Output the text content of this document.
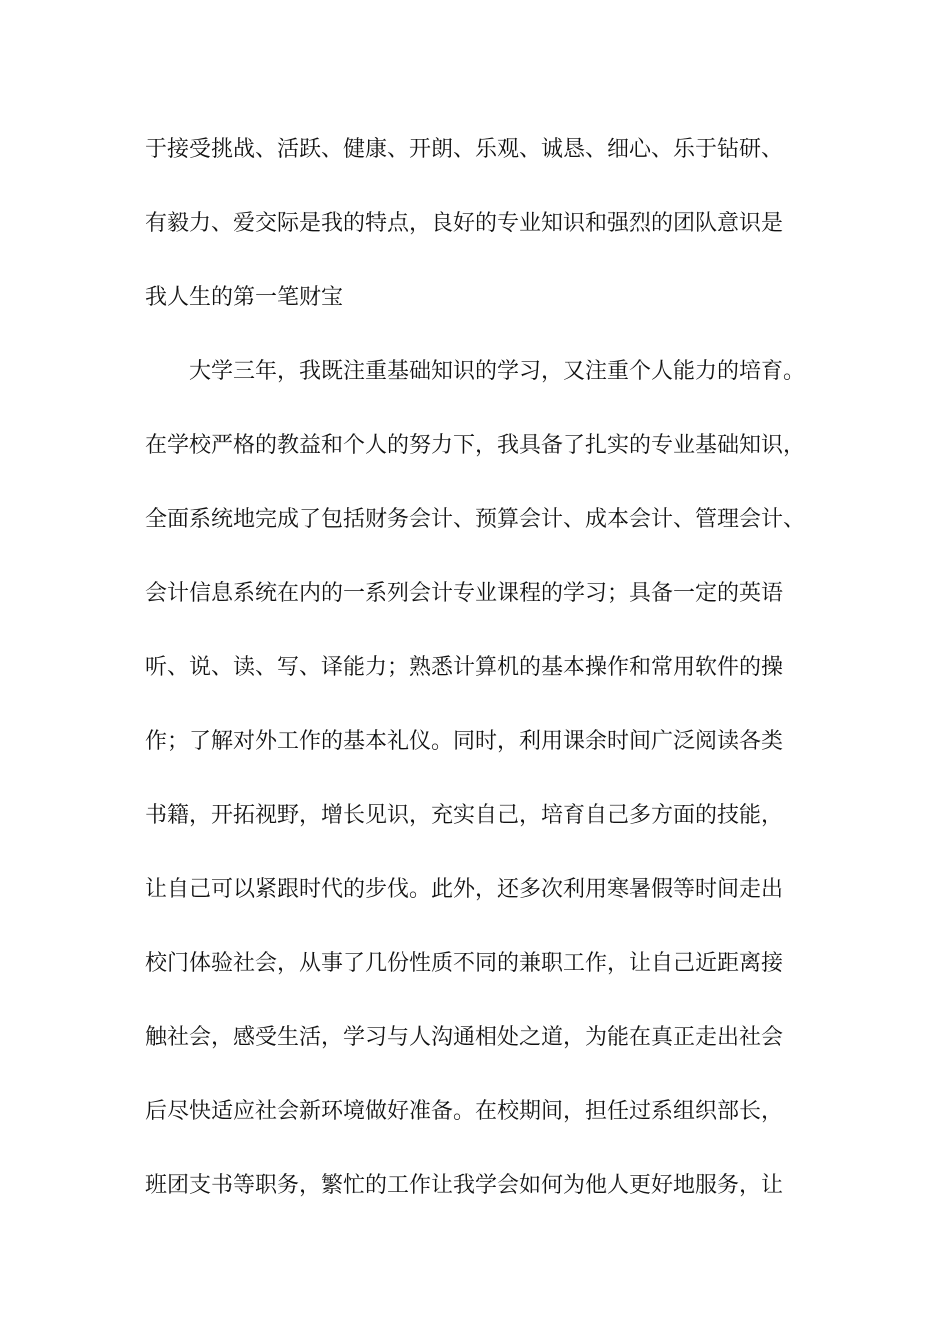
于接受挑战、活跃、健康、开朗、乐观、诚恳、细心、乐于钻研、
有毅力、爱交际是我的特点，良好的专业知识和强烈的团队意识是
我人生的第一笔财宝
大学三年，我既注重基础知识的学习，又注重个人能力的培育。
在学校严格的教益和个人的努力下，我具备了扎实的专业基础知识，
全面系统地完成了包括财务会计、预算会计、成本会计、管理会计、
会计信息系统在内的一系列会计专业课程的学习；具备一定的英语
听、说、读、写、译能力；熟悉计算机的基本操作和常用软件的操
作；了解对外工作的基本礼仪。同时，利用课余时间广泛阅读各类
书籍，开拓视野，增长见识，充实自己，培育自己多方面的技能，
让自己可以紧跟时代的步伐。此外，还多次利用寒暑假等时间走出
校门体验社会，从事了几份性质不同的兼职工作，让自己近距离接
触社会，感受生活，学习与人沟通相处之道，为能在真正走出社会
后尽快适应社会新环境做好准备。在校期间，担任过系组织部长，
班团支书等职务，繁忙的工作让我学会如何为他人更好地服务，让
